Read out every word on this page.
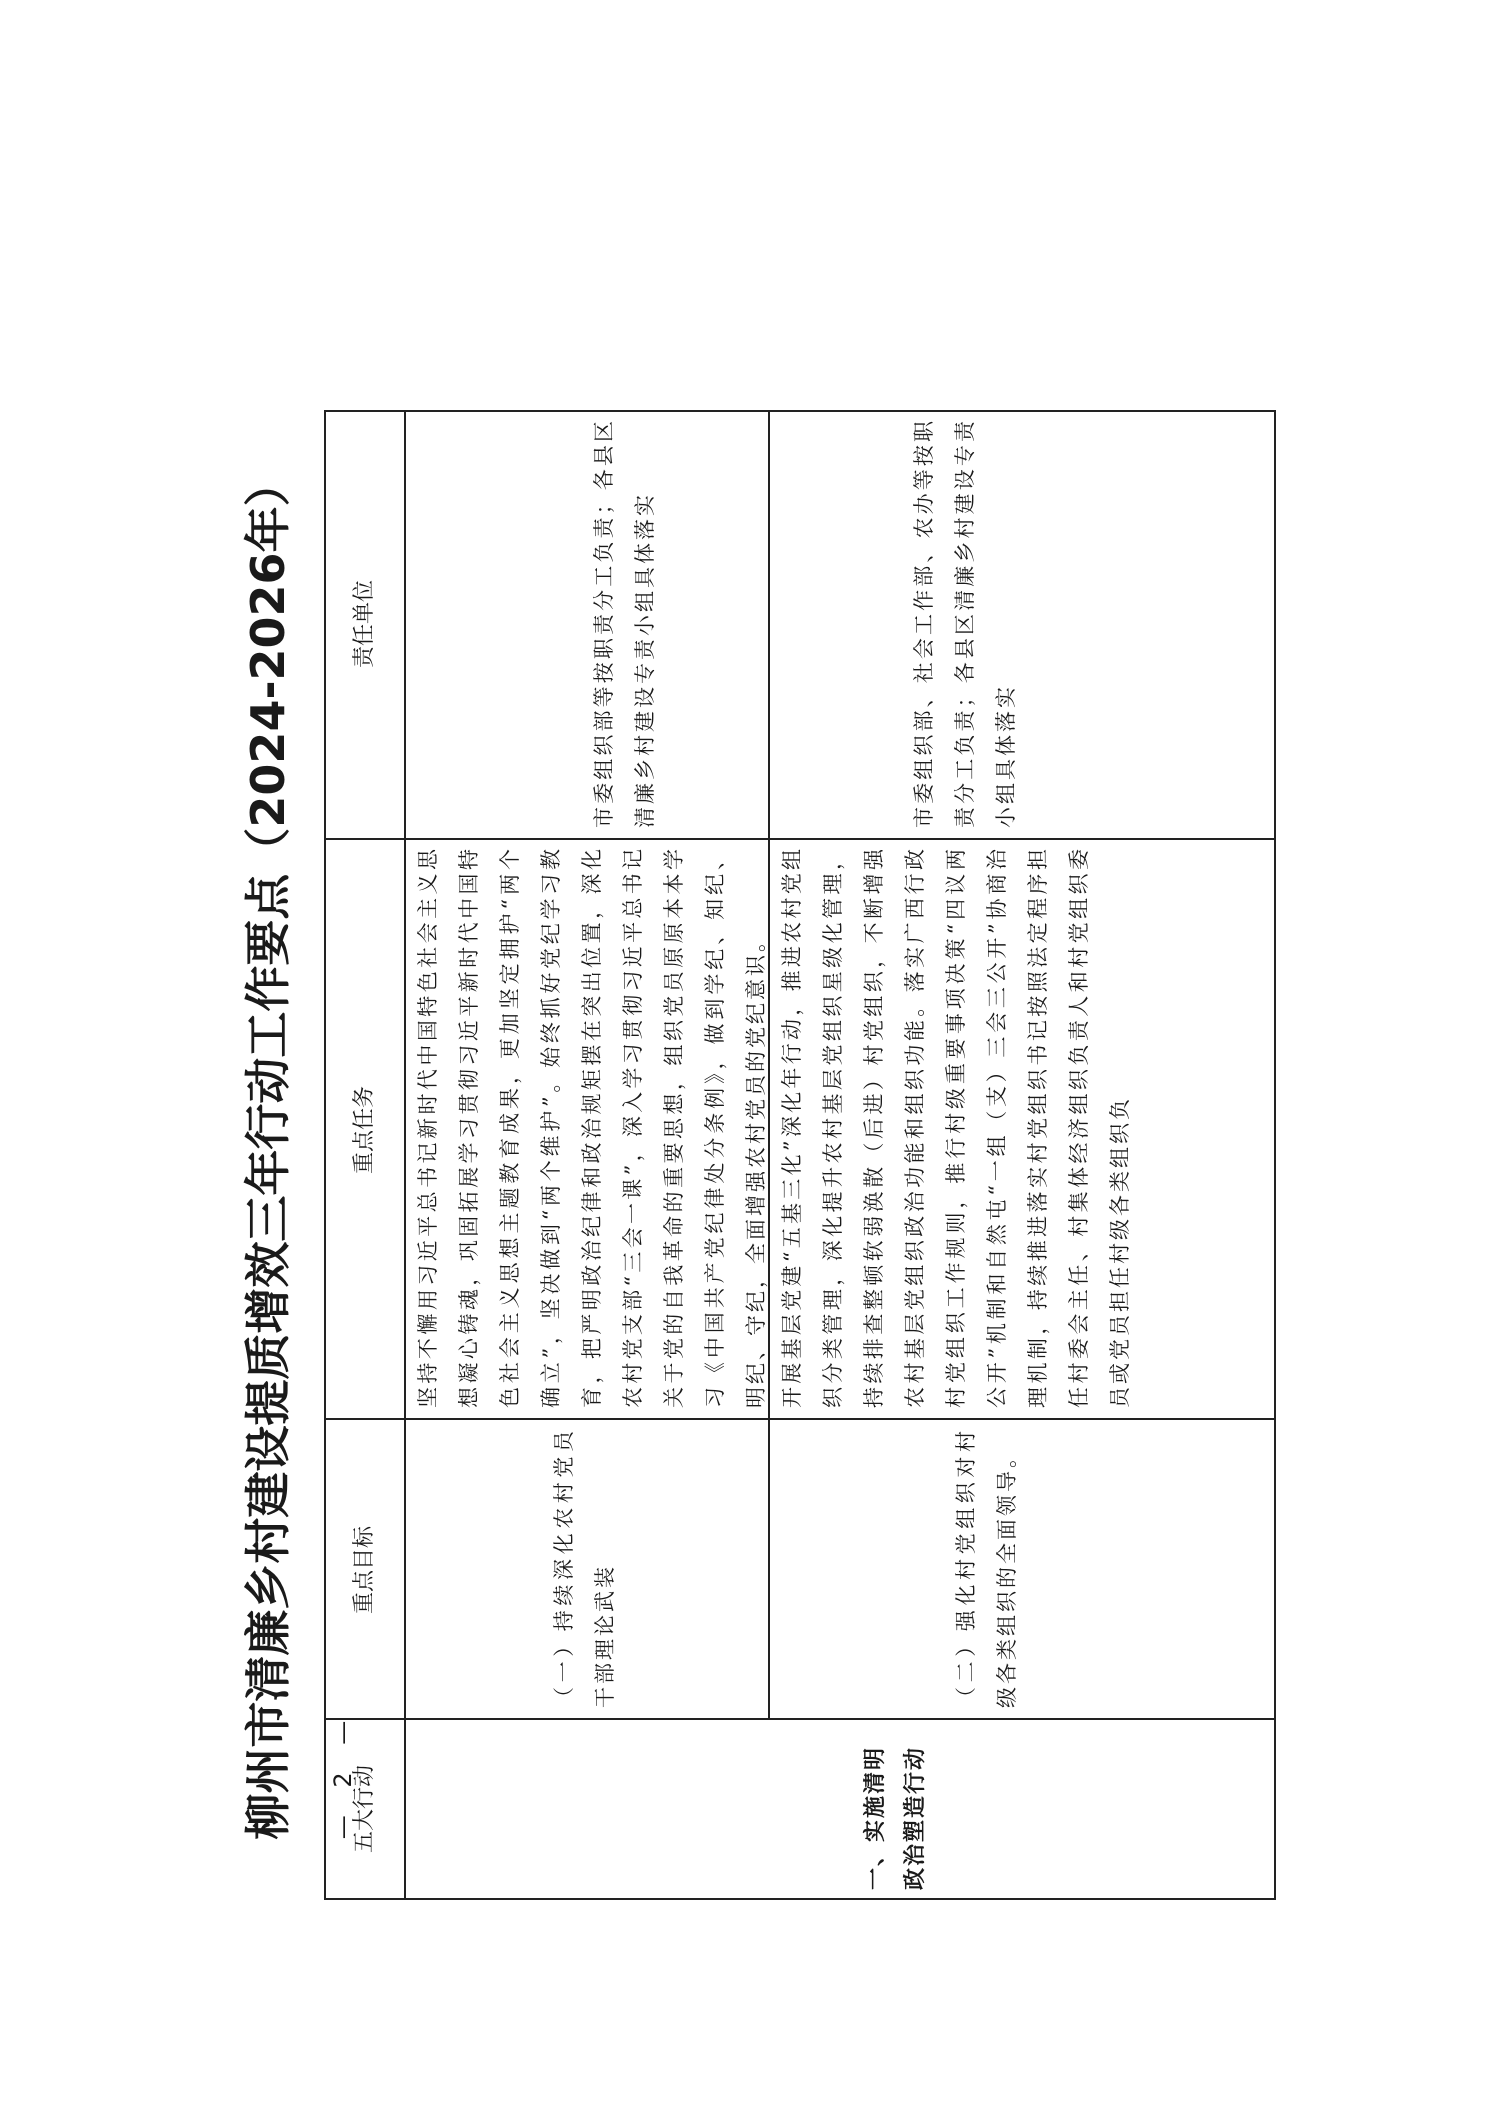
柳州市清廉乡村建设提质增效三年行动工作要点（2024-2026年）	五大行动
重点目标
重点任务
责任单位
一、实施清明政治塑造行动
（一）持续深化农村党员干部理论武装
坚持不懈用习近平总书记新时代中国特色社会主义思想凝心铸魂，巩固拓展学习贯彻习近平新时代中国特色社会主义思想主题教育成果，更加坚定拥护“两个确立”，坚决做到“两个维护”。始终抓好党纪学习教育，把严明政治纪律和政治规矩摆在突出位置，深化农村党支部“三会一课”，深入学习贯彻习近平总书记关于党的自我革命的重要思想，组织党员原原本本学习《中国共产党纪律处分条例》，做到学纪、知纪、明纪、守纪，全面增强农村党员的党纪意识。
市委组织部等按职责分工负责；各县区清廉乡村建设专责小组具体落实
（二）强化村党组织对村级各类组织的全面领导。
开展基层党建“五基三化”深化年行动，推进农村党组织分类管理，深化提升农村基层党组织星级化管理，持续排查整顿软弱涣散（后进）村党组织，不断增强农村基层党组织政治功能和组织功能。落实广西行政村党组织工作规则，推行村级重要事项决策“四议两公开”机制和自然屯“一组（支）三会三公开”协商治理机制，持续推进落实村党组织书记按照法定程序担任村委会主任、村集体经济组织负责人和村党组织委员或党员担任村级各类组织负
市委组织部、社会工作部、农办等按职责分工负责；各县区清廉乡村建设专责小组具体落实
— 2 —
